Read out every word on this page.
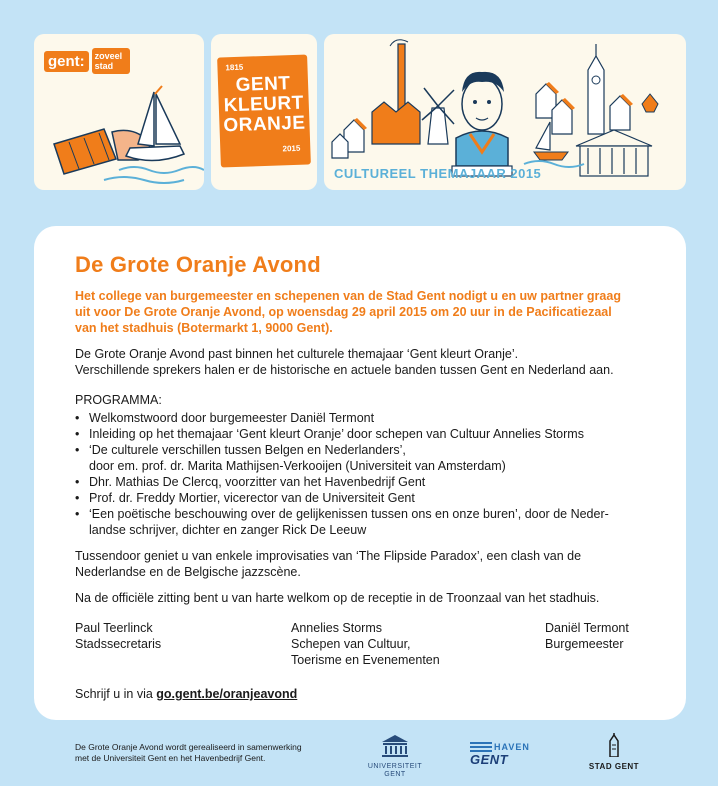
gent:	zoveel stad	1815
GENT
KLEURT
ORANJE
2015
CULTUREEL THEMAJAAR 2015
De Grote Oranje Avond
Het college van burgemeester en schepenen van de Stad Gent nodigt u en uw partner graag
uit voor De Grote Oranje Avond, op woensdag 29 april 2015 om 20 uur in de Pacificatiezaal
van het stadhuis (Botermarkt 1, 9000 Gent).
De Grote Oranje Avond past binnen het culturele themajaar ‘Gent kleurt Oranje’.
Verschillende sprekers halen er de historische en actuele banden tussen Gent en Nederland aan.
PROGRAMMA:
• Welkomstwoord door burgemeester Daniël Termont
• Inleiding op het themajaar ‘Gent kleurt Oranje’ door schepen van Cultuur Annelies Storms
• ‘De culturele verschillen tussen Belgen en Nederlanders’,
door em. prof. dr. Marita Mathijsen-Verkooijen (Universiteit van Amsterdam)
• Dhr. Mathias De Clercq, voorzitter van het Havenbedrijf Gent
• Prof. dr. Freddy Mortier, vicerector van de Universiteit Gent
• ‘Een poëtische beschouwing over de gelijkenissen tussen ons en onze buren’, door de Neder-
landse schrijver, dichter en zanger Rick De Leeuw
Tussendoor geniet u van enkele improvisaties van ‘The Flipside Paradox’, een clash van de
Nederlandse en de Belgische jazzscène.
Na de officiële zitting bent u van harte welkom op de receptie in de Troonzaal van het stadhuis.
Paul Teerlinck
Stadssecretaris
Annelies Storms
Schepen van Cultuur,
Toerisme en Evenementen
Daniël Termont
Burgemeester
Schrijf u in via go.gent.be/oranjeavond
De Grote Oranje Avond wordt gerealiseerd in samenwerking
met de Universiteit Gent en het Havenbedrijf Gent.
UNIVERSITEIT
GENT
HAVEN
GENT	STAD GENT
